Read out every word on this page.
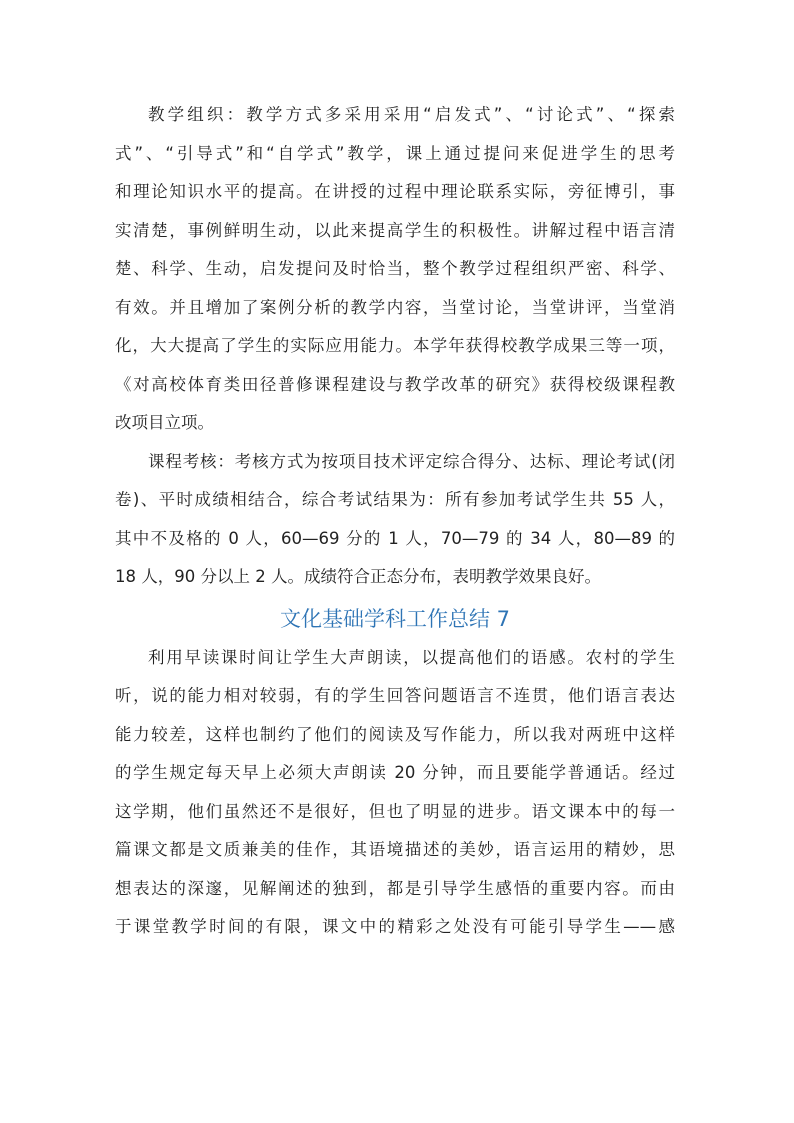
教学组织：教学方式多采用采用“启发式”、“讨论式”、“探索
式”、“引导式”和“自学式”教学，课上通过提问来促进学生的思考
和理论知识水平的提高。在讲授的过程中理论联系实际，旁征博引，事
实清楚，事例鲜明生动，以此来提高学生的积极性。讲解过程中语言清
楚、科学、生动，启发提问及时恰当，整个教学过程组织严密、科学、
有效。并且增加了案例分析的教学内容，当堂讨论，当堂讲评，当堂消
化，大大提高了学生的实际应用能力。本学年获得校教学成果三等一项，
《对高校体育类田径普修课程建设与教学改革的研究》获得校级课程教
改项目立项。
课程考核：考核方式为按项目技术评定综合得分、达标、理论考试(闭
卷)、平时成绩相结合，综合考试结果为：所有参加考试学生共 55 人，
其中不及格的 0 人，60—69 分的 1 人，70—79 的 34 人，80—89 的
18 人，90 分以上 2 人。成绩符合正态分布，表明教学效果良好。
文化基础学科工作总结 7
利用早读课时间让学生大声朗读，以提高他们的语感。农村的学生
听，说的能力相对较弱，有的学生回答问题语言不连贯，他们语言表达
能力较差，这样也制约了他们的阅读及写作能力，所以我对两班中这样
的学生规定每天早上必须大声朗读 20 分钟，而且要能学普通话。经过
这学期，他们虽然还不是很好，但也了明显的进步。语文课本中的每一
篇课文都是文质兼美的佳作，其语境描述的美妙，语言运用的精妙，思
想表达的深邃，见解阐述的独到，都是引导学生感悟的重要内容。而由
于课堂教学时间的有限，课文中的精彩之处没有可能引导学生——感
